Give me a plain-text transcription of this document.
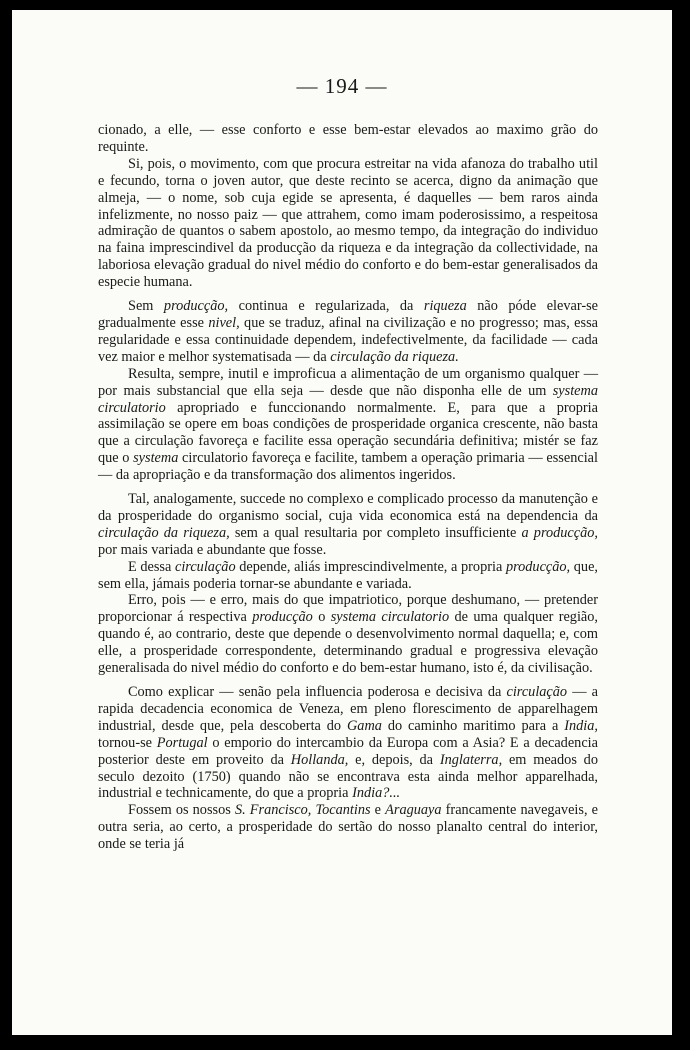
— 194 —

cionado, a elle, — esse conforto e esse bem-estar elevados ao maximo grão do requinte.

Si, pois, o movimento, com que procura estreitar na vida afanoza do trabalho util e fecundo, torna o joven autor, que deste recinto se acerca, digno da animação que almeja, — o nome, sob cuja egide se apresenta, é daquelles — bem raros ainda infelizmente, no nosso paiz — que attrahem, como imam poderosissimo, a respeitosa admiração de quantos o sabem apostolo, ao mesmo tempo, da integração do individuo na faina imprescindivel da producção da riqueza e da integração da collectividade, na laboriosa elevação gradual do nivel médio do conforto e do bem-estar generalisados da especie humana.

Sem producção, continua e regularizada, da riqueza não póde elevar-se gradualmente esse nivel, que se traduz, afinal na civilização e no progresso; mas, essa regularidade e essa continuidade dependem, indefectivelmente, da facilidade — cada vez maior e melhor systematisada — da circulação da riqueza.

Resulta, sempre, inutil e improficua a alimentação de um organismo qualquer — por mais substancial que ella seja — desde que não disponha elle de um systema circulatorio apropriado e funccionando normalmente. E, para que a propria assimilação se opere em boas condições de prosperidade organica crescente, não basta que a circulação favoreça e facilite essa operação secundária definitiva; mistér se faz que o systema circulatorio favoreça e facilite, tambem a operação primaria — essencial — da apropriação e da transformação dos alimentos ingeridos.

Tal, analogamente, succede no complexo e complicado processo da manutenção e da prosperidade do organismo social, cuja vida economica está na dependencia da circulação da riqueza, sem a qual resultaria por completo insufficiente a producção, por mais variada e abundante que fosse.

E dessa circulação depende, aliás imprescindivelmente, a propria producção, que, sem ella, jámais poderia tornar-se abundante e variada.

Erro, pois — e erro, mais do que impatriotico, porque deshumano, — pretender proporcionar á respectiva producção o systema circulatorio de uma qualquer região, quando é, ao contrario, deste que depende o desenvolvimento normal daquella; e, com elle, a prosperidade correspondente, determinando gradual e progressiva elevação generalisada do nivel médio do conforto e do bem-estar humano, isto é, da civilisação.

Como explicar — senão pela influencia poderosa e decisiva da circulação — a rapida decadencia economica de Veneza, em pleno florescimento de apparelhagem industrial, desde que, pela descoberta do Gama do caminho maritimo para a India, tornou-se Portugal o emporio do intercambio da Europa com a Asia? E a decadencia posterior deste em proveito da Hollanda, e, depois, da Inglaterra, em meados do seculo dezoito (1750) quando não se encontrava esta ainda melhor apparelhada, industrial e technicamente, do que a propria India?...

Fossem os nossos S. Francisco, Tocantins e Araguaya francamente navegaveis, e outra seria, ao certo, a prosperidade do sertão do nosso planalto central do interior, onde se teria já
